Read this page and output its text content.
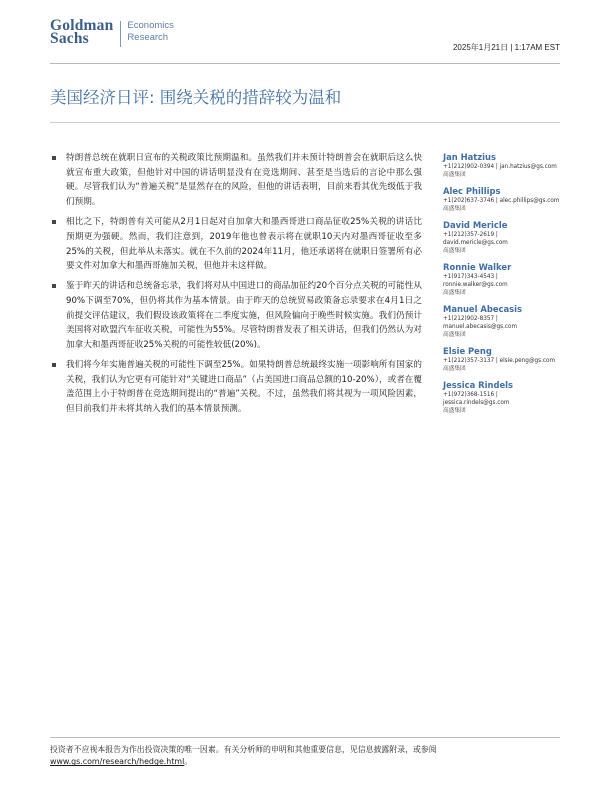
Goldman
Sachs
Economics
Research
2025年1月21日 | 1:17AM EST
美国经济日评: 围绕关税的措辞较为温和
特朗普总统在就职日宣布的关税政策比预期温和。虽然我们并未预计特朗普会在就职后这么快就宣布重大政策，但他针对中国的讲话明显没有在竞选期间、甚至是当选后的言论中那么强硬。尽管我们认为“普遍关税”是显然存在的风险，但他的讲话表明，目前来看其优先级低于我们预期。
相比之下，特朗普有关可能从2月1日起对自加拿大和墨西哥进口商品征收25%关税的讲话比预期更为强硬。然而，我们注意到，2019年他也曾表示将在就职10天内对墨西哥征收至多25%的关税，但此举从未落实。就在不久前的2024年11月，他还承诺将在就职日签署所有必要文件对加拿大和墨西哥施加关税，但他并未这样做。
鉴于昨天的讲话和总统备忘录，我们将对从中国进口的商品加征约20个百分点关税的可能性从90%下调至70%，但仍将其作为基本情景。由于昨天的总统贸易政策备忘录要求在4月1日之前提交评估建议，我们假设该政策将在二季度实施，但风险偏向于晚些时候实施。我们仍预计美国将对欧盟汽车征收关税，可能性为55%。尽管特朗普发表了相关讲话，但我们仍然认为对加拿大和墨西哥征收25%关税的可能性较低(20%)。
我们将今年实施普遍关税的可能性下调至25%。如果特朗普总统最终实施一项影响所有国家的关税，我们认为它更有可能针对“关键进口商品”（占美国进口商品总额的10-20%），或者在覆盖范围上小于特朗普在竞选期间提出的“普遍”关税。不过，虽然我们将其视为一项风险因素，但目前我们并未将其纳入我们的基本情景预测。
Jan Hatzius
+1(212)902-0394 | jan.hatzius@gs.com
高盛集团
Alec Phillips
+1(202)637-3746 | alec.phillips@gs.com
高盛集团
David Mericle
+1(212)357-2619 |
david.mericle@gs.com
高盛集团
Ronnie Walker
+1(917)343-4543 |
ronnie.walker@gs.com
高盛集团
Manuel Abecasis
+1(212)902-8357 |
manuel.abecasis@gs.com
高盛集团
Elsie Peng
+1(212)357-3137 | elsie.peng@gs.com
高盛集团
Jessica Rindels
+1(972)368-1516 |
jessica.rindels@gs.com
高盛集团
投资者不应视本报告为作出投资决策的唯一因素。有关分析师的申明和其他重要信息，见信息披露附录，或参阅www.gs.com/research/hedge.html。
